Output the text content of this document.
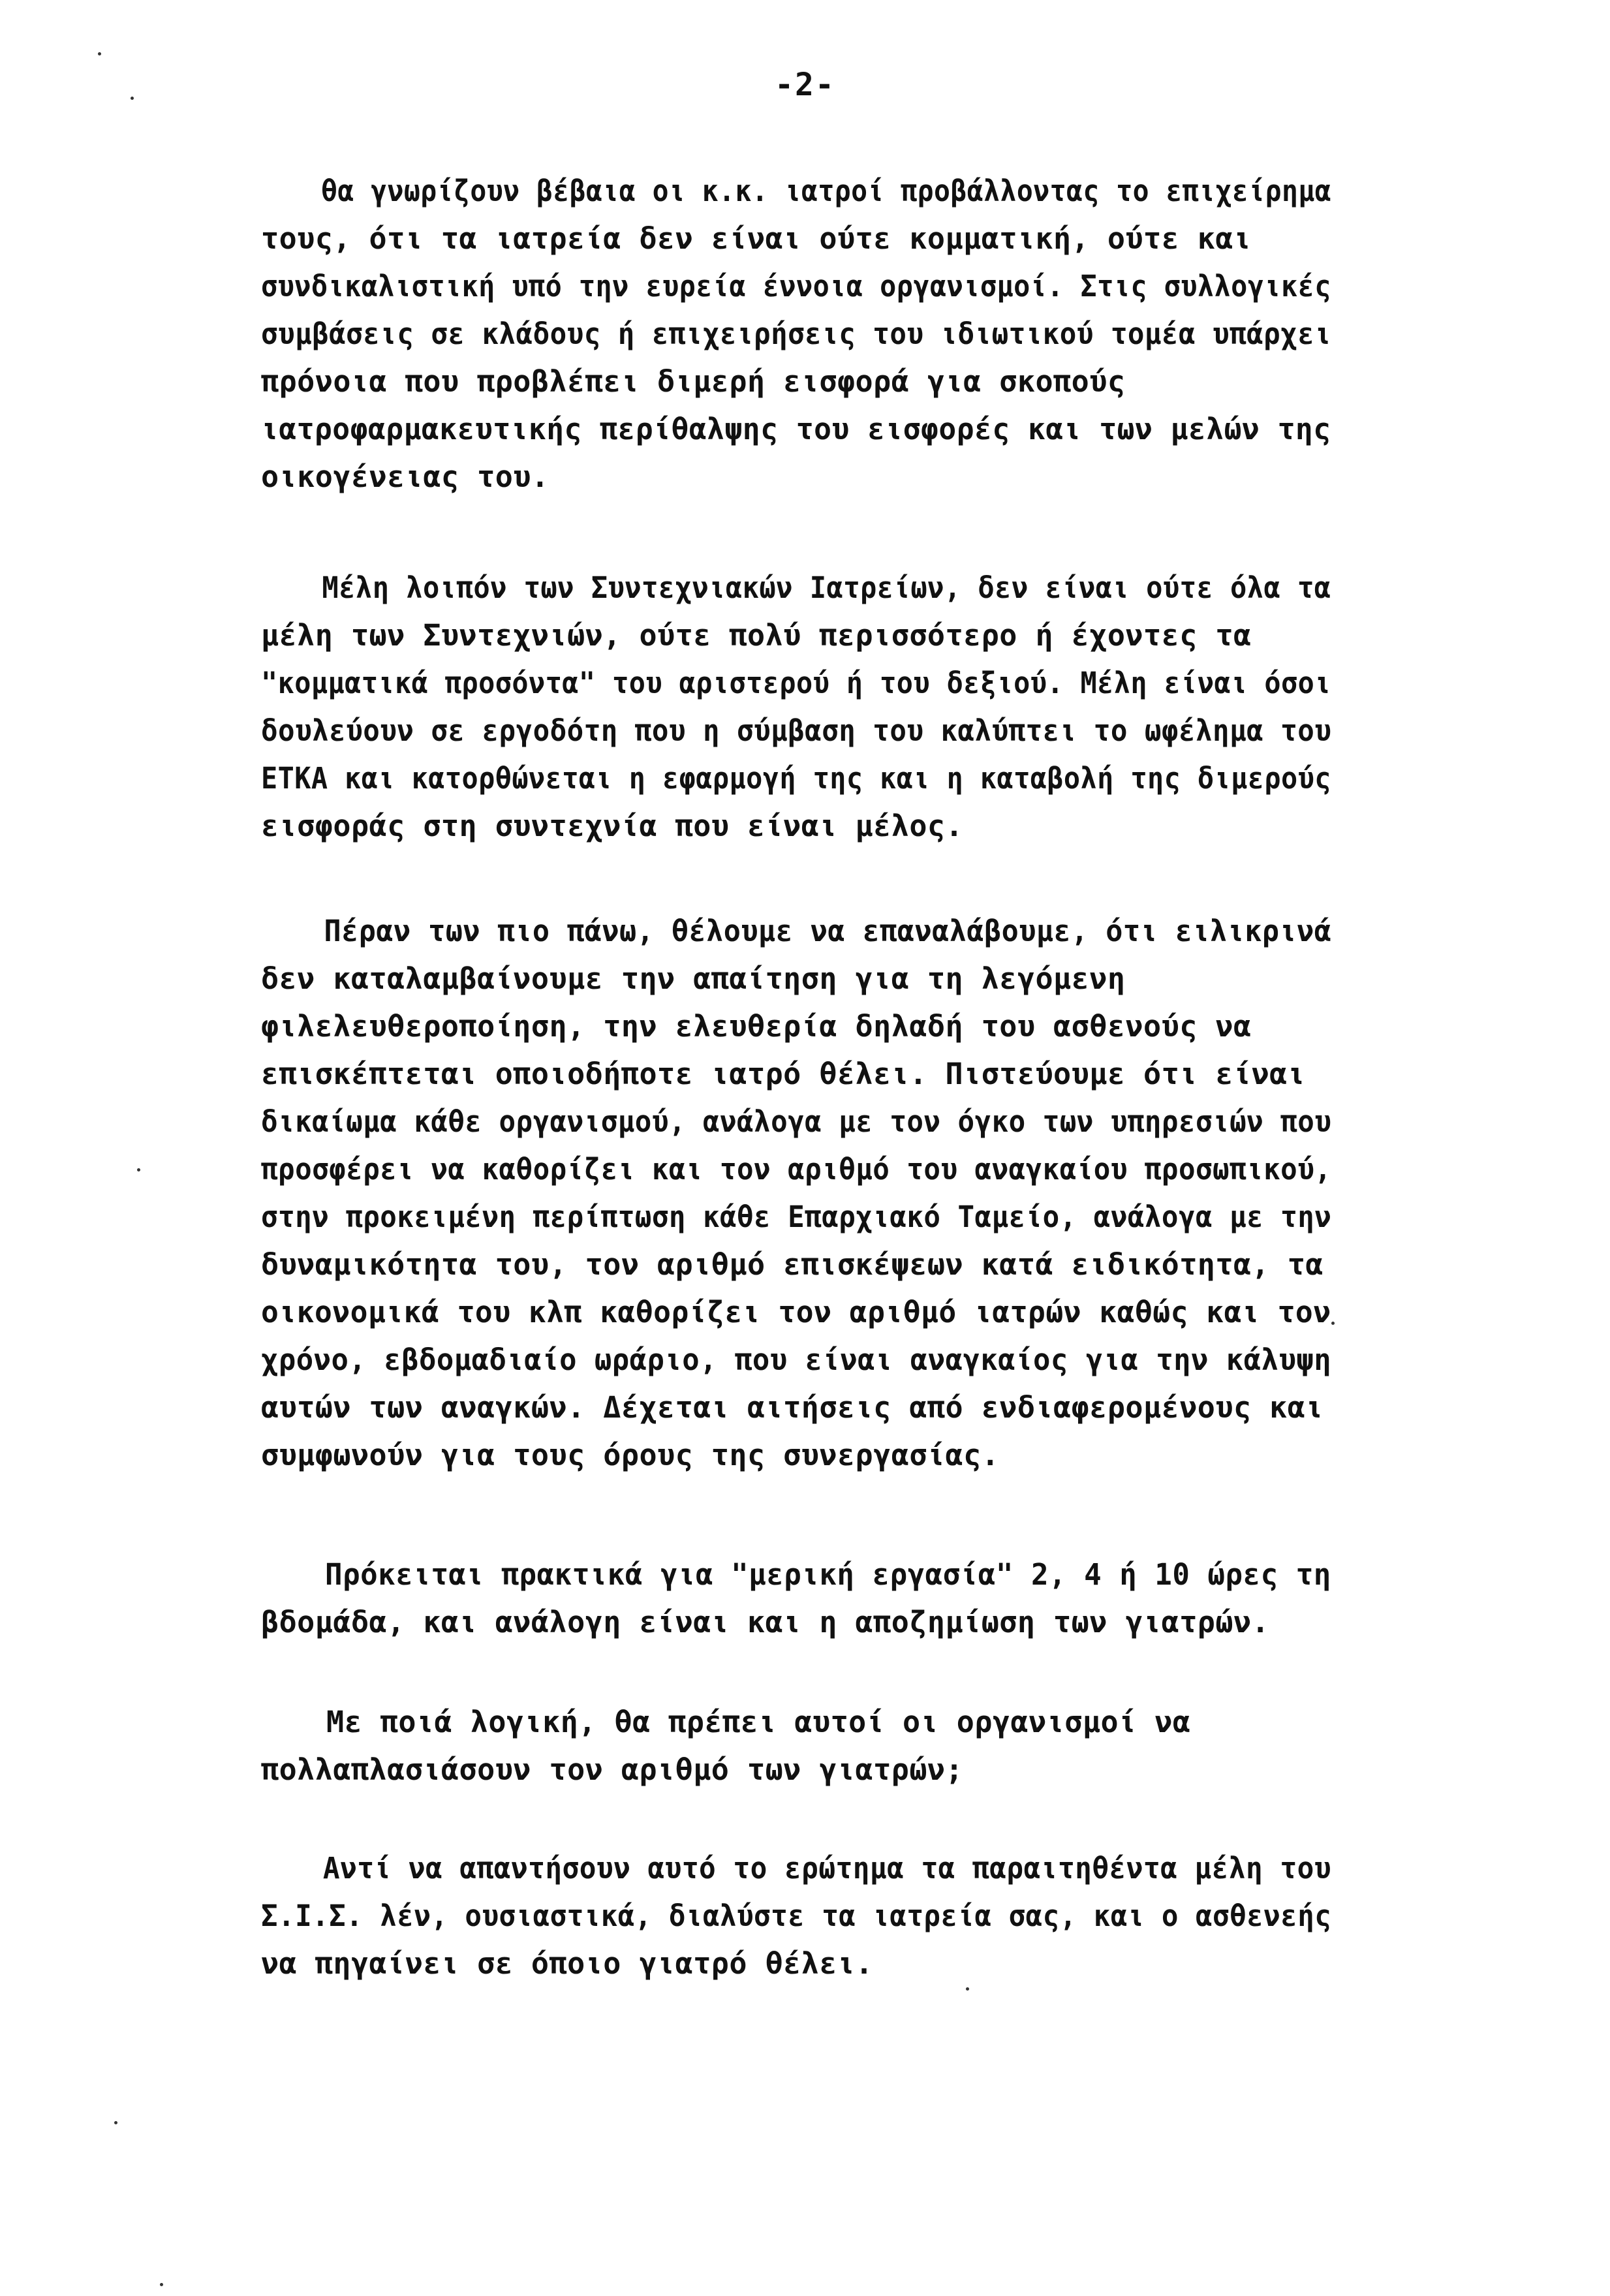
-2-
θα γνωρίζουν βέβαια οι κ.κ. ιατροί προβάλλοντας το επιχείρημα
τους, ότι τα ιατρεία δεν είναι ούτε κομματική, ούτε και
συνδικαλιστική υπό την ευρεία έννοια οργανισμοί. Στις συλλογικές
συμβάσεις σε κλάδους ή επιχειρήσεις του ιδιωτικού τομέα υπάρχει
πρόνοια που προβλέπει διμερή εισφορά για σκοπούς
ιατροφαρμακευτικής περίθαλψης του εισφορές και των μελών της
οικογένειας του.
Μέλη λοιπόν των Συντεχνιακών Ιατρείων, δεν είναι ούτε όλα τα
μέλη των Συντεχνιών, ούτε πολύ περισσότερο ή έχοντες τα
"κομματικά προσόντα" του αριστερού ή του δεξιού. Μέλη είναι όσοι
δουλεύουν σε εργοδότη που η σύμβαση του καλύπτει το ωφέλημα του
ΕΤΚΑ και κατορθώνεται η εφαρμογή της και η καταβολή της διμερούς
εισφοράς στη συντεχνία που είναι μέλος.
Πέραν των πιο πάνω, θέλουμε να επαναλάβουμε, ότι ειλικρινά
δεν καταλαμβαίνουμε την απαίτηση για τη λεγόμενη
φιλελευθεροποίηση, την ελευθερία δηλαδή του ασθενούς να
επισκέπτεται οποιοδήποτε ιατρό θέλει. Πιστεύουμε ότι είναι
δικαίωμα κάθε οργανισμού, ανάλογα με τον όγκο των υπηρεσιών που
προσφέρει να καθορίζει και τον αριθμό του αναγκαίου προσωπικού,
στην προκειμένη περίπτωση κάθε Επαρχιακό Ταμείο, ανάλογα με την
δυναμικότητα του, τον αριθμό επισκέψεων κατά ειδικότητα, τα
οικονομικά του κλπ καθορίζει τον αριθμό ιατρών καθώς και τον
χρόνο, εβδομαδιαίο ωράριο, που είναι αναγκαίος για την κάλυψη
αυτών των αναγκών. Δέχεται αιτήσεις από ενδιαφερομένους και
συμφωνούν για τους όρους της συνεργασίας.
Πρόκειται πρακτικά για "μερική εργασία" 2, 4 ή 10 ώρες τη
βδομάδα, και ανάλογη είναι και η αποζημίωση των γιατρών.
Με ποιά λογική, θα πρέπει αυτοί οι οργανισμοί να
πολλαπλασιάσουν τον αριθμό των γιατρών;
Αντί να απαντήσουν αυτό το ερώτημα τα παραιτηθέντα μέλη του
Σ.Ι.Σ. λέν, ουσιαστικά, διαλύστε τα ιατρεία σας, και ο ασθενεής
να πηγαίνει σε όποιο γιατρό θέλει.
